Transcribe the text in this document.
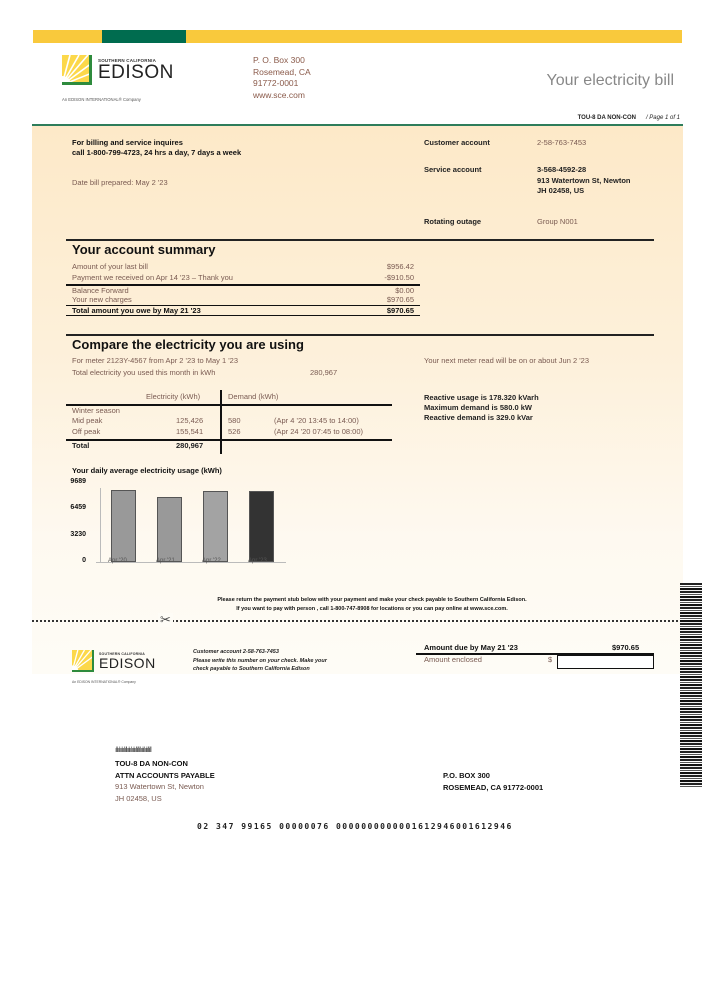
SOUTHERN CALIFORNIA
EDISON
An EDISON INTERNATIONAL® Company
P. O. Box 300
Rosemead, CA
91772-0001
www.sce.com
Your electricity bill
TOU-8 DA NON-CON / Page 1 of 1
For billing and service inquires
call 1-800-799-4723, 24 hrs a day, 7 days a week
Date bill prepared: May 2 '23
Customer account	2-58-763-7453
Service account	3-568-4592-28
913 Watertown St, Newton
JH 02458, US
Rotating outage	Group N001
Your account summary
Amount of your last bill	$956.42
Payment we received on Apr 14 '23 – Thank you	-$910.50
Balance Forward	$0.00
Your new charges	$970.65
Total amount you owe by May 21 '23	$970.65
Compare the electricity you are using
For meter 2123Y-4567 from Apr 2 '23 to May 1 '23
Total electricity you used this month in kWh	280,967
Your next meter read will be on or about Jun 2 '23
Reactive usage is 178.320 kVarh
Maximum demand is 580.0 kW
Reactive demand is 329.0 kVar
Electricity (kWh)	Demand (kWh)
Winter season
Mid peak	125,426	580	(Apr 4 '20 13:45 to 14:00)
Off peak	155,541	526	(Apr 24 '20 07:45 to 08:00)
Total	280,967
Your daily average electricity usage (kWh)
9689
6459
3230
0	Apr '20	Apr '21	Apr '22	Apr '23
Please return the payment stub below with your payment and make your check payable to Southern California Edison.
If you want to pay with person , call 1-800-747-8908 for locations or you can pay online at www.sce.com.
✂
SOUTHERN CALIFORNIA
EDISON
An EDISON INTERNATIONAL® Company
Customer account 2-58-763-7453
Please write this number on your check. Make your
check payable to Southern California Edison
Amount due by May 21 '23	$970.65
Amount enclosed	$
ıllıılıılıılıllıılıılıılııllıllılıılılıılıllıll
TOU-8 DA NON-CON
ATTN ACCOUNTS PAYABLE
913 Watertown St, Newton
JH 02458, US
P.O. BOX 300
ROSEMEAD, CA 91772-0001
02 347 99165 00000076 0000000000001612946001612946
